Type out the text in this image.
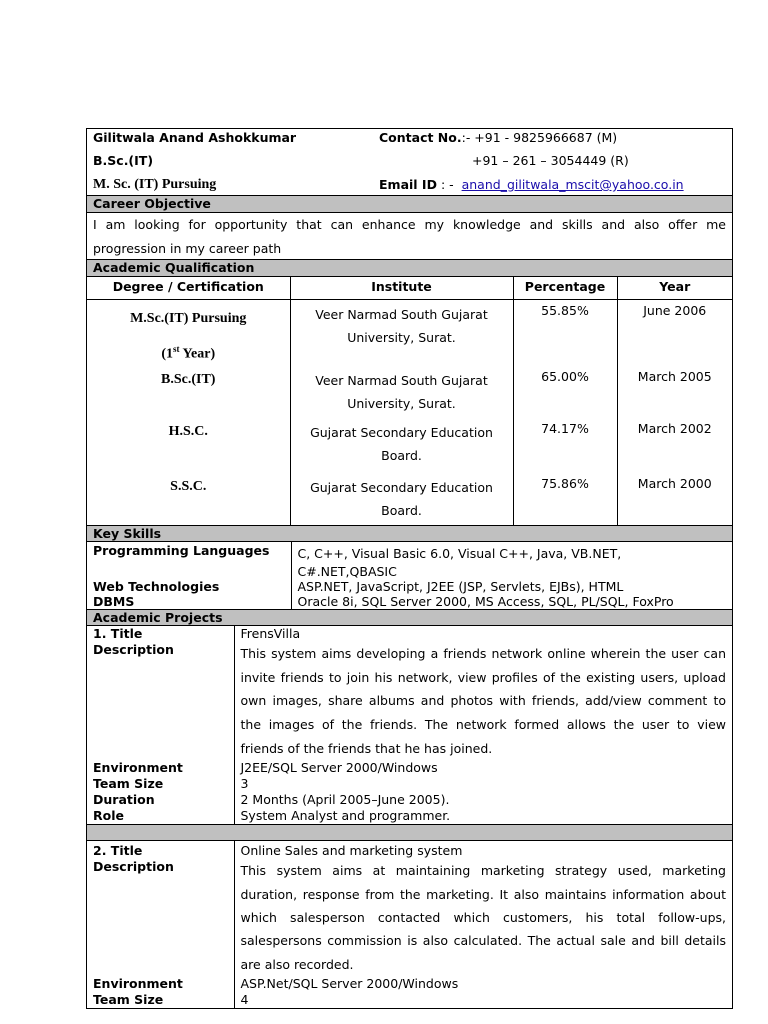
Gilitwala Anand Ashokkumar	Contact No.:- +91 - 9825966687 (M)
B.Sc.(IT)	+91 – 261 – 3054449 (R)
M. Sc. (IT) Pursuing	Email ID : - anand_gilitwala_mscit@yahoo.co.in
Career Objective
I am looking for opportunity that can enhance my knowledge and skills and also offer me progression in my career path
Academic Qualification
Degree / Certification	Institute	Percentage	Year

M.Sc.(IT) Pursuing
(1st Year)	Veer Narmad South Gujarat University, Surat.	55.85%	June 2006
B.Sc.(IT)	Veer Narmad South Gujarat University, Surat.	65.00%	March 2005
H.S.C.	Gujarat Secondary Education Board.	74.17%	March 2002
S.S.C.	Gujarat Secondary Education Board.	75.86%	March 2000
Key Skills
Programming Languages	C, C++, Visual Basic 6.0, Visual C++, Java, VB.NET,
C#.NET,QBASIC

Web Technologies	ASP.NET, JavaScript, J2EE (JSP, Servlets, EJBs), HTML
DBMS	Oracle 8i, SQL Server 2000, MS Access, SQL, PL/SQL, FoxPro
Academic Projects
1. Title	FrensVilla
Description	This system aims developing a friends network online wherein the user can invite friends to join his network, view profiles of the existing users, upload own images, share albums and photos with friends, add/view comment to the images of the friends. The network formed allows the user to view friends of the friends that he has joined.
Environment	J2EE/SQL Server 2000/Windows
Team Size	3
Duration	2 Months (April 2005–June 2005).
Role	System Analyst and programmer.
2. Title	Online Sales and marketing system
Description	This system aims at maintaining marketing strategy used, marketing duration, response from the marketing. It also maintains information about which salesperson contacted which customers, his total follow-ups, salespersons commission is also calculated. The actual sale and bill details are also recorded.
Environment	ASP.Net/SQL Server 2000/Windows
Team Size	4
